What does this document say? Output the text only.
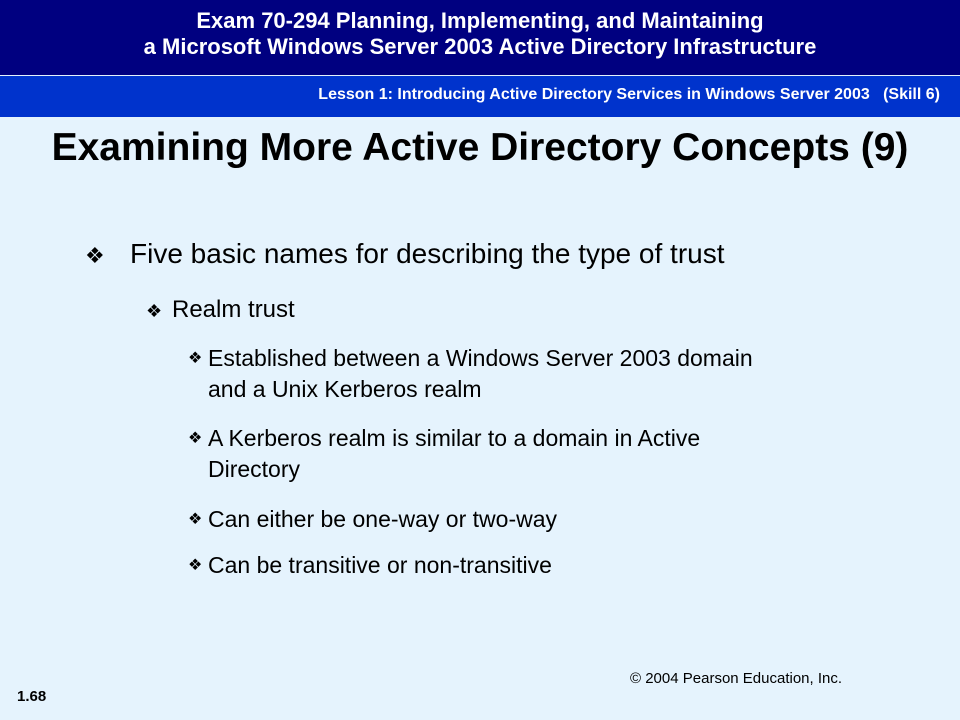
Exam 70-294 Planning, Implementing, and Maintaining
a Microsoft Windows Server 2003 Active Directory Infrastructure
Lesson 1: Introducing Active Directory Services in Windows Server 2003   (Skill 6)
Examining More Active Directory Concepts (9)
❖ Five basic names for describing the type of trust
❖ Realm trust
❖ Established between a Windows Server 2003 domain
and a Unix Kerberos realm
❖ A Kerberos realm is similar to a domain in Active
Directory
❖ Can either be one-way or two-way
❖ Can be transitive or non-transitive
© 2004 Pearson Education, Inc.
1.68
